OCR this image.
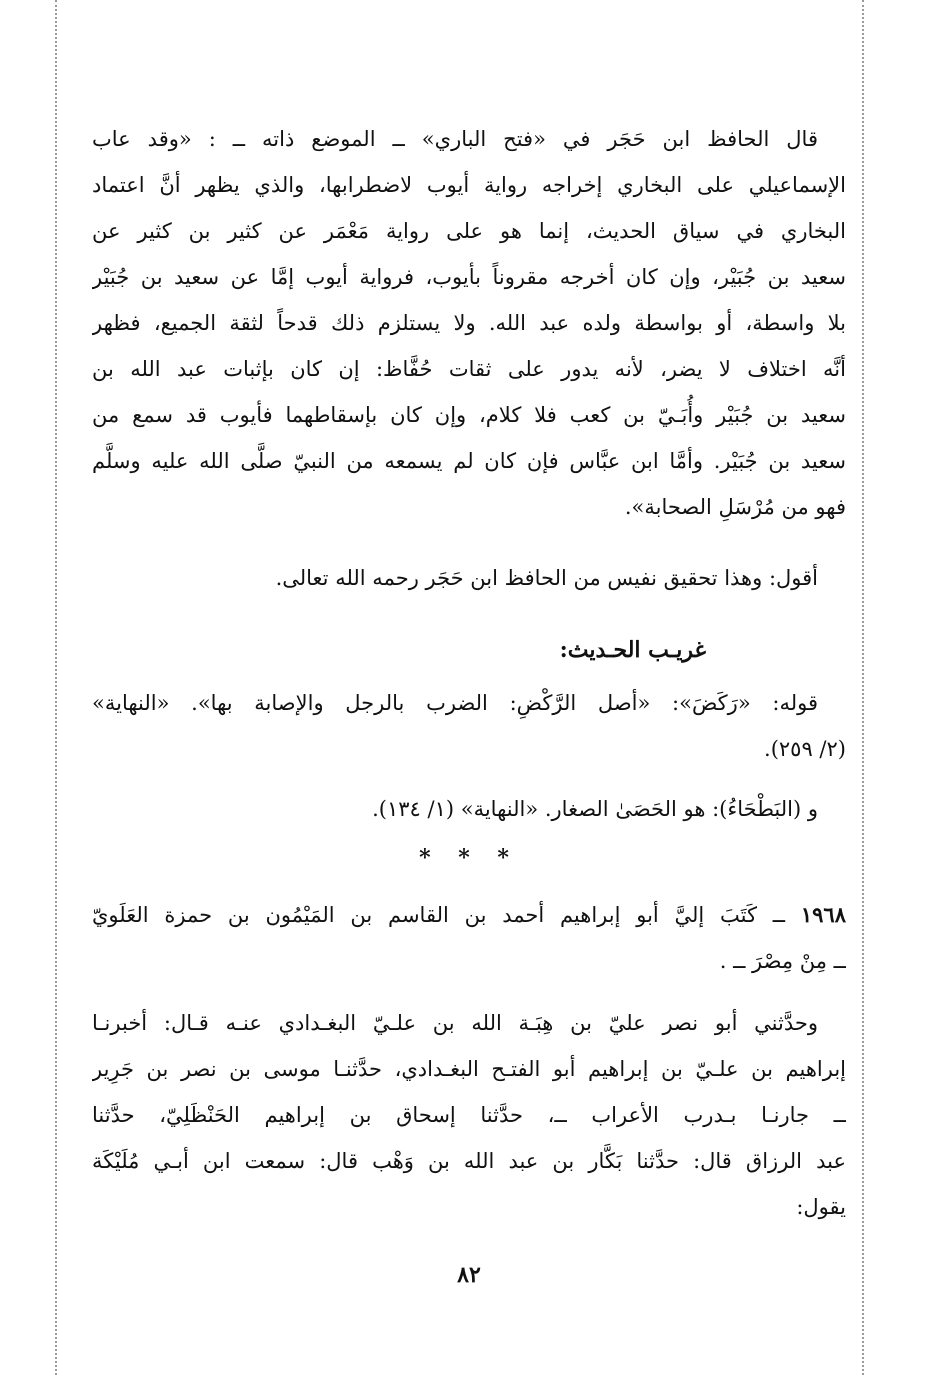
قال الحافظ ابن حَجَر في «فتح الباري» ــ الموضع ذاته ــ : «وقد عاب
الإسماعيلي على البخاري إخراجه رواية أيوب لاضطرابها، والذي يظهر أنَّ اعتماد
البخاري في سياق الحديث، إنما هو على رواية مَعْمَر عن كثير بن كثير عن
سعيد بن جُبَيْر، وإن كان أخرجه مقروناً بأيوب، فرواية أيوب إمَّا عن سعيد بن جُبَيْر
بلا واسطة، أو بواسطة ولده عبد الله. ولا يستلزم ذلك قدحاً لثقة الجميع، فظهر
أنَّه اختلاف لا يضر، لأنه يدور على ثقات حُفَّاظ: إن كان بإثبات عبد الله بن
سعيد بن جُبَيْر وأُبَـيّ بن كعب فلا كلام، وإن كان بإسقاطهما فأيوب قد سمع من
سعيد بن جُبَيْر. وأمَّا ابن عبَّاس فإن كان لم يسمعه من النبيّ صلَّى الله عليه وسلَّم
فهو من مُرْسَلِ الصحابة».
أقول: وهذا تحقيق نفيس من الحافظ ابن حَجَر رحمه الله تعالى.
غريـب الحـديث:
قوله: «رَكَضَ»: «أصل الرَّكْضِ: الضرب بالرجل والإصابة بها». «النهاية»
(٢/ ٢٥٩).
و (البَطْحَاءُ): هو الحَصَىٰ الصغار. «النهاية» (١/ ١٣٤).
* * *
١٩٦٨ ــ كَتَبَ إليَّ أبو إبراهيم أحمد بن القاسم بن المَيْمُون بن حمزة العَلَويّ
ــ مِنْ مِصْرَ ــ .
وحدَّثني أبو نصر عليّ بن هِبَـة الله بن علـيّ البغـدادي عنـه قـال: أخبرنـا
إبراهيم بن علـيّ بن إبراهيم أبو الفتـح البغـدادي، حدَّثنـا موسى بن نصر بن جَرِير
ــ جارنـا بـدرب الأعراب ــ، حدَّثنا إسحاق بن إبراهيم الحَنْظَلِيّ، حدَّثنا
عبد الرزاق قال: حدَّثنا بَكَّار بن عبد الله بن وَهْب قال: سمعت ابن أبـي مُلَيْكَة
يقول:
٨٢
